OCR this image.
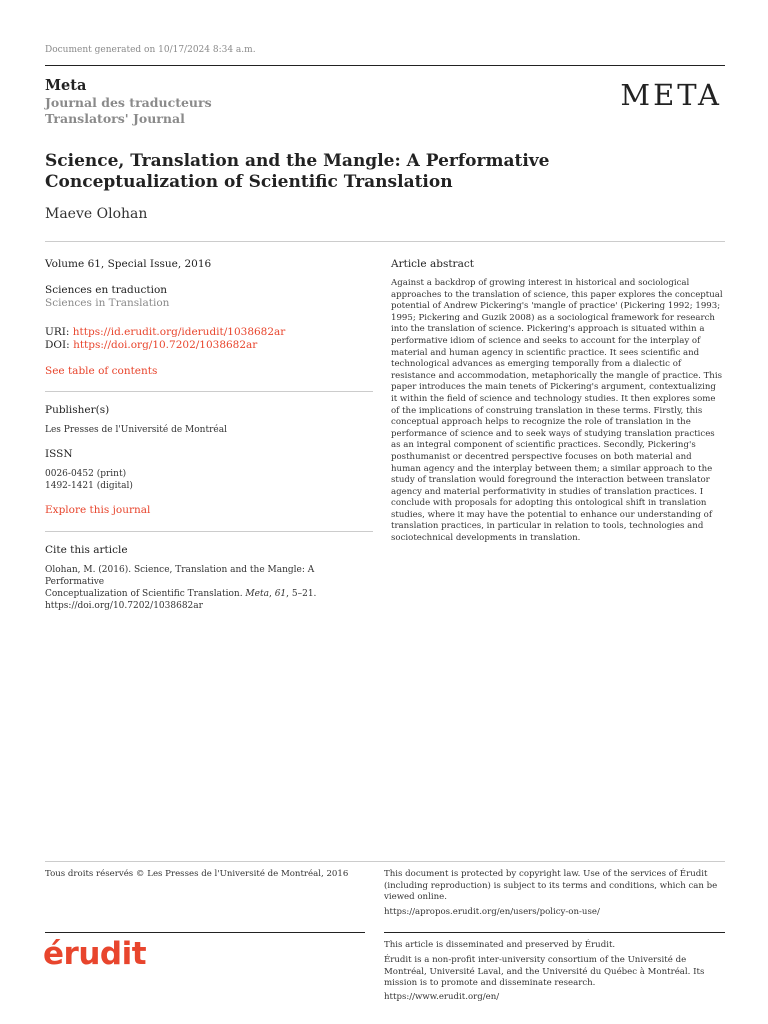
Document generated on 10/17/2024 8:34 a.m.
Meta
Journal des traducteurs
Translators' Journal
MΕTA
Science, Translation and the Mangle: A Performative Conceptualization of Scientific Translation
Maeve Olohan
Volume 61, Special Issue, 2016
Sciences en traduction
Sciences in Translation
URI: https://id.erudit.org/iderudit/1038682ar
DOI: https://doi.org/10.7202/1038682ar
See table of contents
Publisher(s)
Les Presses de l'Université de Montréal
ISSN
0026-0452 (print)
1492-1421 (digital)
Explore this journal
Cite this article
Olohan, M. (2016). Science, Translation and the Mangle: A Performative
Conceptualization of Scientific Translation. Meta, 61, 5–21.
https://doi.org/10.7202/1038682ar
Article abstract
Against a backdrop of growing interest in historical and sociological approaches to the translation of science, this paper explores the conceptual potential of Andrew Pickering's 'mangle of practice' (Pickering 1992; 1993; 1995; Pickering and Guzik 2008) as a sociological framework for research into the translation of science. Pickering's approach is situated within a performative idiom of science and seeks to account for the interplay of material and human agency in scientific practice. It sees scientific and technological advances as emerging temporally from a dialectic of resistance and accommodation, metaphorically the mangle of practice. This paper introduces the main tenets of Pickering's argument, contextualizing it within the field of science and technology studies. It then explores some of the implications of construing translation in these terms. Firstly, this conceptual approach helps to recognize the role of translation in the performance of science and to seek ways of studying translation practices as an integral component of scientific practices. Secondly, Pickering's posthumanist or decentred perspective focuses on both material and human agency and the interplay between them; a similar approach to the study of translation would foreground the interaction between translator agency and material performativity in studies of translation practices. I conclude with proposals for adopting this ontological shift in translation studies, where it may have the potential to enhance our understanding of translation practices, in particular in relation to tools, technologies and sociotechnical developments in translation.
Tous droits réservés © Les Presses de l'Université de Montréal, 2016	This document is protected by copyright law. Use of the services of Érudit (including reproduction) is subject to its terms and conditions, which can be viewed online.
https://apropos.erudit.org/en/users/policy-on-use/
érudit	This article is disseminated and preserved by Érudit.
Érudit is a non-profit inter-university consortium of the Université de Montréal, Université Laval, and the Université du Québec à Montréal. Its mission is to promote and disseminate research.
https://www.erudit.org/en/
